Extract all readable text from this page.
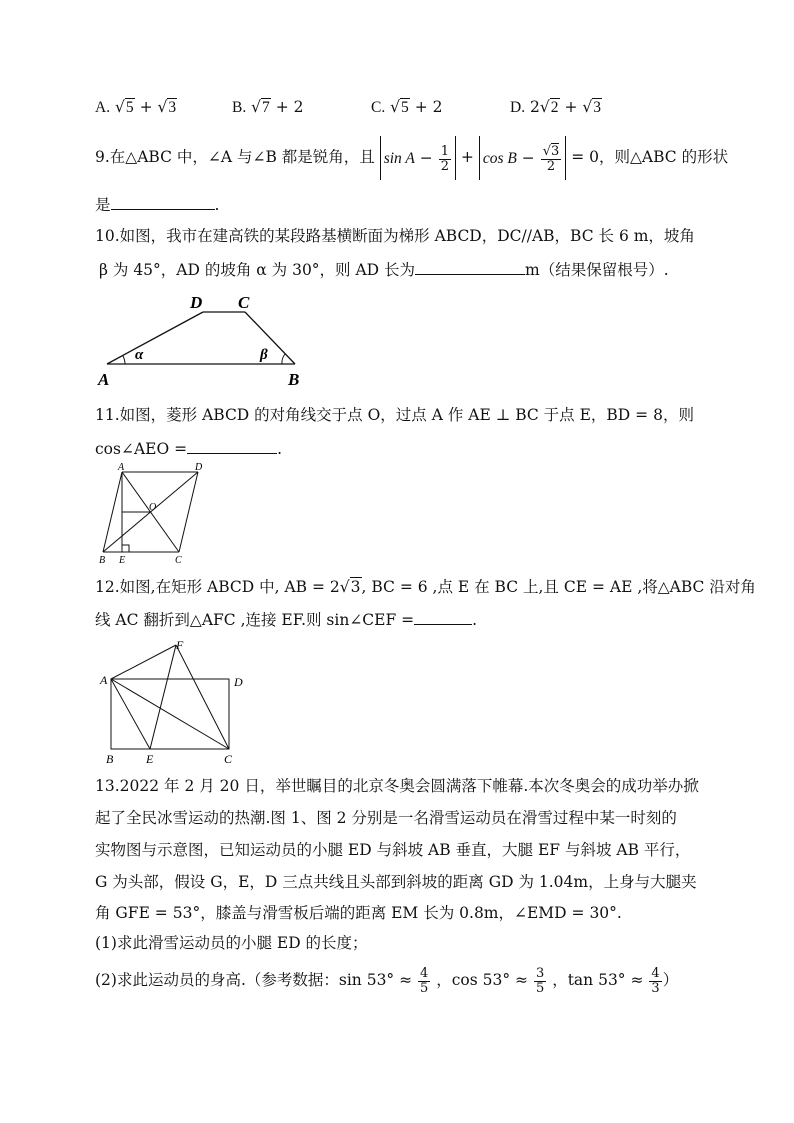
A. √5 + √3	B. √7 + 2	C. √5 + 2	D. 2√2 + √3
9.在△ABC 中，∠A 与∠B 都是锐角，且 $\sin A - \frac{1}{2} + \cos B - \frac{√3}{2} = 0$，则△ABC 的形状
是	.
10.如图，我市在建高铁的某段路基横断面为梯形 ABCD，DC//AB，BC 长 6 m，坡角
β 为 45°，AD 的坡角 α 为 30°，则 AD 长为	m（结果保留根号）.
D C
A	B
α	β
11.如图，菱形 ABCD 的对角线交于点 O，过点 A 作 AE ⊥ BC 于点 E，BD = 8，则
cos∠AEO =	.
A	D
O
B E	C
12.如图,在矩形 ABCD 中, AB = 2√3, BC = 6 ,点 E 在 BC 上,且 CE = AE ,将△ABC 沿对角
线 AC 翻折到△AFC ,连接 EF.则 sin∠CEF =	.
F
A	D
B	E	C
13.2022 年 2 月 20 日，举世瞩目的北京冬奥会圆满落下帷幕.本次冬奥会的成功举办掀
起了全民冰雪运动的热潮.图 1、图 2 分别是一名滑雪运动员在滑雪过程中某一时刻的
实物图与示意图，已知运动员的小腿 ED 与斜坡 AB 垂直，大腿 EF 与斜坡 AB 平行，
G 为头部，假设 G，E，D 三点共线且头部到斜坡的距离 GD 为 1.04m，上身与大腿夹
角 GFE = 53°，膝盖与滑雪板后端的距离 EM 长为 0.8m，∠EMD = 30°.
(1)求此滑雪运动员的小腿 ED 的长度；
(2)求此运动员的身高.（参考数据：$\sin 53^\circ \approx \frac{4}{5}$ ，$\cos 53^\circ \approx \frac{3}{5}$ ，$\tan 53^\circ \approx \frac{4}{3}$ ）
